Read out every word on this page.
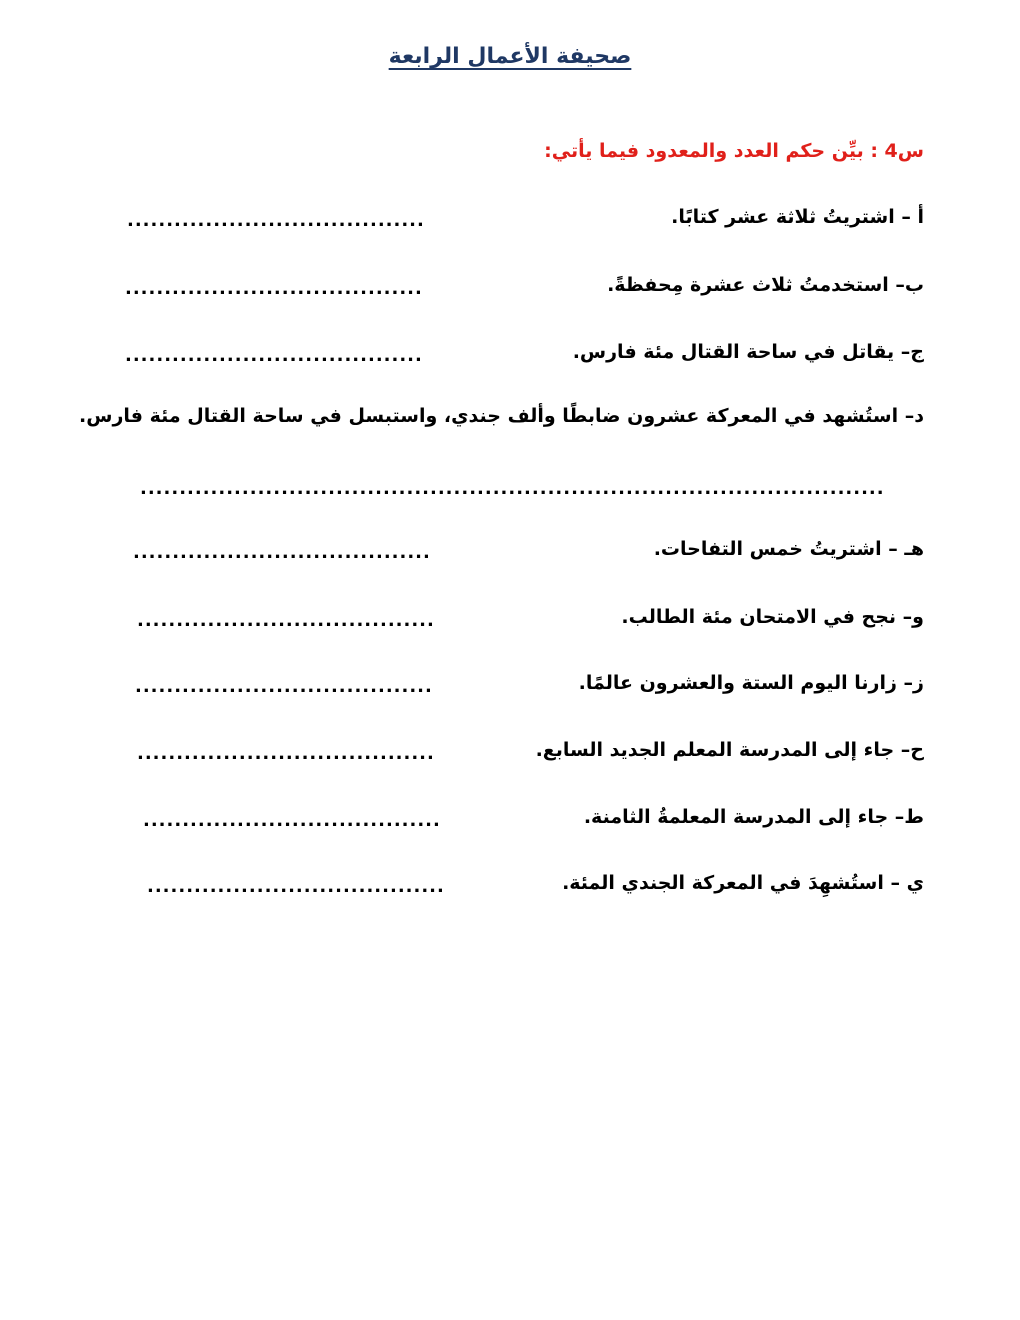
صحيفة الأعمال الرابعة
س4 : بيِّن حكم العدد والمعدود فيما يأتي:
أ – اشتريتُ ثلاثة عشر كتابًا.
......................................
ب– استخدمتُ ثلاث عشرة مِحفظةً.
......................................
ج– يقاتل في ساحة القتال مئة فارس.
......................................
د– استُشهد في المعركة عشرون ضابطًا وألف جندي، واستبسل في ساحة القتال مئة فارس.
...............................................................................................
هـ – اشتريتُ خمس التفاحات.
......................................
و– نجح في الامتحان مئة الطالب.
......................................
ز– زارنا اليوم الستة والعشرون عالمًا.
......................................
ح– جاء إلى المدرسة المعلم الجديد السابع.
......................................
ط– جاء إلى المدرسة المعلمةُ الثامنة.
......................................
ي – استُشهِدَ في المعركة الجندي المئة.
......................................
